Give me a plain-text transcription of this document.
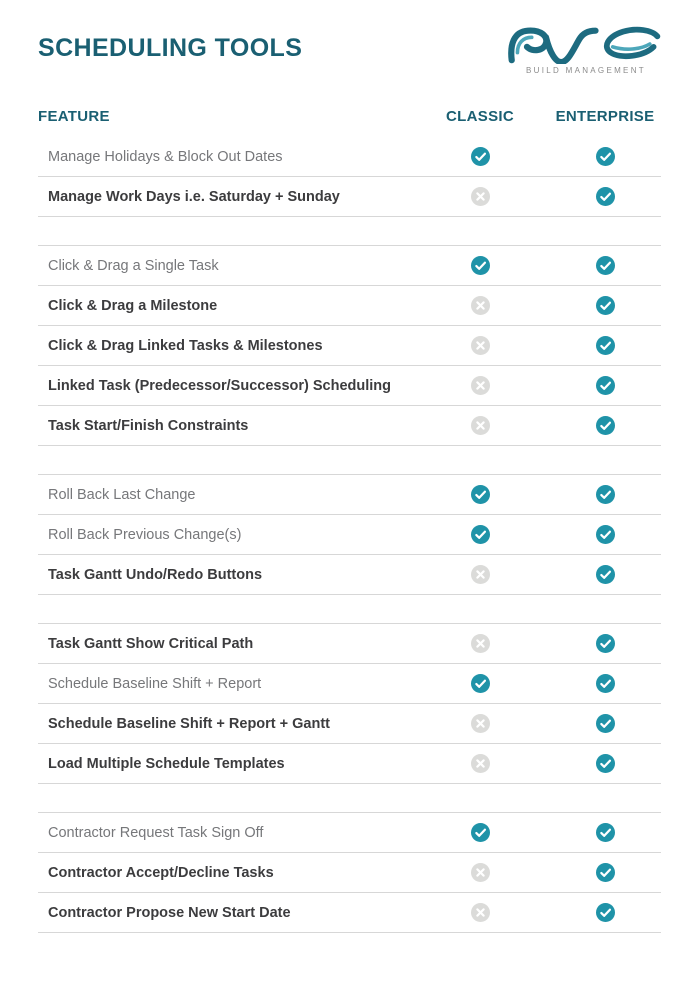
SCHEDULING TOOLS
BUILD MANAGEMENT
FEATURE	CLASSIC	ENTERPRISE
Manage Holidays & Block Out Dates
Manage Work Days i.e. Saturday + Sunday
Click & Drag a Single Task
Click & Drag a Milestone
Click & Drag Linked Tasks & Milestones
Linked Task (Predecessor/Successor) Scheduling
Task Start/Finish Constraints
Roll Back Last Change
Roll Back Previous Change(s)
Task Gantt Undo/Redo Buttons
Task Gantt Show Critical Path
Schedule Baseline Shift + Report
Schedule Baseline Shift + Report + Gantt
Load Multiple Schedule Templates
Contractor Request Task Sign Off
Contractor Accept/Decline Tasks
Contractor Propose New Start Date
